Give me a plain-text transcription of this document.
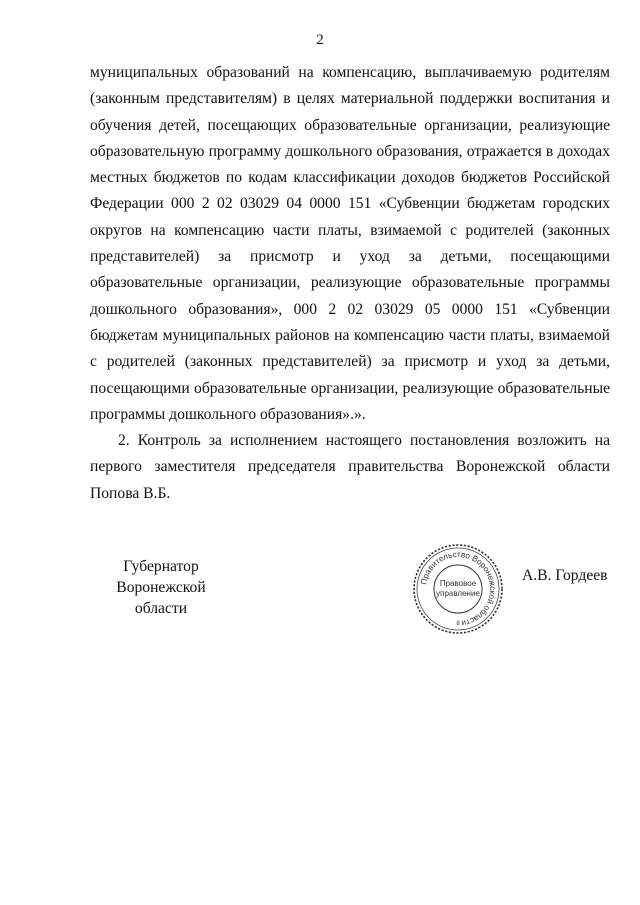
2

муниципальных образований на компенсацию, выплачиваемую родителям (законным представителям) в целях материальной поддержки воспитания и обучения детей, посещающих образовательные организации, реализующие образовательную программу дошкольного образования, отражается в доходах местных бюджетов по кодам классификации доходов бюджетов Российской Федерации 000 2 02 03029 04 0000 151 «Субвенции бюджетам городских округов на компенсацию части платы, взимаемой с родителей (законных представителей) за присмотр и уход за детьми, посещающими образовательные организации, реализующие образовательные программы дошкольного образования», 000 2 02 03029 05 0000 151 «Субвенции бюджетам муниципальных районов на компенсацию части платы, взимаемой с родителей (законных представителей) за присмотр и уход за детьми, посещающими образовательные организации, реализующие образовательные программы дошкольного образования».».

2. Контроль за исполнением настоящего постановления возложить на первого заместителя председателя правительства Воронежской области Попова В.Б.

Губернатор
Воронежской области
Правительство Воронежской области
Правовое
управление
8
А.В. Гордеев
